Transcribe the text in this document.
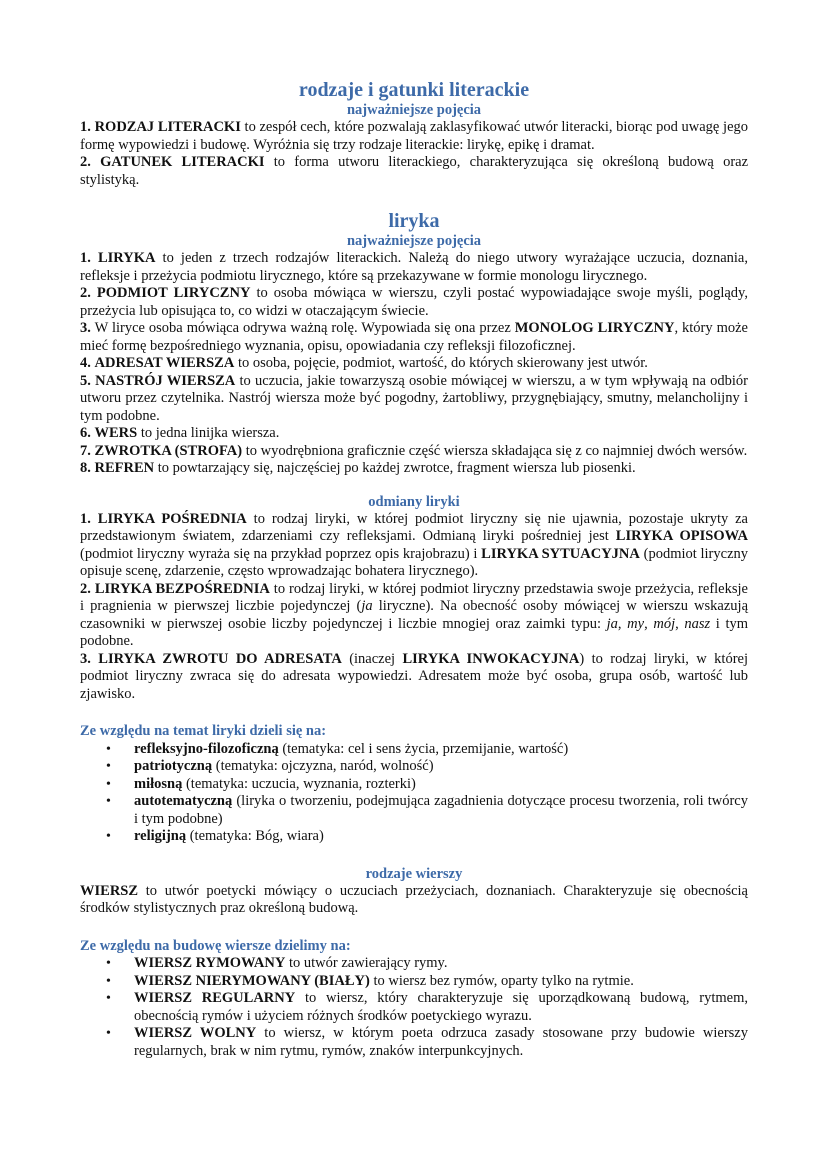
rodzaje i gatunki literackie
najważniejsze pojęcia

1. RODZAJ LITERACKI to zespół cech, które pozwalają zaklasyfikować utwór literacki, biorąc pod uwagę jego formę wypowiedzi i budowę. Wyróżnia się trzy rodzaje literackie: lirykę, epikę i dramat.

2. GATUNEK LITERACKI to forma utworu literackiego, charakteryzująca się określoną budową oraz stylistyką.

liryka
najważniejsze pojęcia

1. LIRYKA to jeden z trzech rodzajów literackich. Należą do niego utwory wyrażające uczucia, doznania, refleksje i przeżycia podmiotu lirycznego, które są przekazywane w formie monologu lirycznego.

2. PODMIOT LIRYCZNY to osoba mówiąca w wierszu, czyli postać wypowiadające swoje myśli, poglądy, przeżycia lub opisująca to, co widzi w otaczającym świecie.

3. W liryce osoba mówiąca odrywa ważną rolę. Wypowiada się ona przez MONOLOG LIRYCZNY, który może mieć formę bezpośredniego wyznania, opisu, opowiadania czy refleksji filozoficznej.

4. ADRESAT WIERSZA to osoba, pojęcie, podmiot, wartość, do których skierowany jest utwór.

5. NASTRÓJ WIERSZA to uczucia, jakie towarzyszą osobie mówiącej w wierszu, a w tym wpływają na odbiór utworu przez czytelnika. Nastrój wiersza może być pogodny, żartobliwy, przygnębiający, smutny, melancholijny i tym podobne.

6. WERS to jedna linijka wiersza.

7. ZWROTKA (STROFA) to wyodrębniona graficznie część wiersza składająca się z co najmniej dwóch wersów.

8. REFREN to powtarzający się, najczęściej po każdej zwrotce, fragment wiersza lub piosenki.

odmiany liryki

1. LIRYKA POŚREDNIA to rodzaj liryki, w której podmiot liryczny się nie ujawnia, pozostaje ukryty za przedstawionym światem, zdarzeniami czy refleksjami. Odmianą liryki pośredniej jest LIRYKA OPISOWA (podmiot liryczny wyraża się na przykład poprzez opis krajobrazu) i LIRYKA SYTUACYJNA (podmiot liryczny opisuje scenę, zdarzenie, często wprowadzając bohatera lirycznego).

2. LIRYKA BEZPOŚREDNIA to rodzaj liryki, w której podmiot liryczny przedstawia swoje przeżycia, refleksje i pragnienia w pierwszej liczbie pojedynczej (ja liryczne). Na obecność osoby mówiącej w wierszu wskazują czasowniki w pierwszej osobie liczby pojedynczej i liczbie mnogiej oraz zaimki typu: ja, my, mój, nasz i tym podobne.

3. LIRYKA ZWROTU DO ADRESATA (inaczej LIRYKA INWOKACYJNA) to rodzaj liryki, w której podmiot liryczny zwraca się do adresata wypowiedzi. Adresatem może być osoba, grupa osób, wartość lub zjawisko.

Ze względu na temat liryki dzieli się na:
• refleksyjno-filozoficzną (tematyka: cel i sens życia, przemijanie, wartość)
• patriotyczną (tematyka: ojczyzna, naród, wolność)
• miłosną (tematyka: uczucia, wyznania, rozterki)
• autotematyczną (liryka o tworzeniu, podejmująca zagadnienia dotyczące procesu tworzenia, roli twórcy i tym podobne)
• religijną (tematyka: Bóg, wiara)
rodzaje wierszy

WIERSZ to utwór poetycki mówiący o uczuciach przeżyciach, doznaniach. Charakteryzuje się obecnością środków stylistycznych praz określoną budową.

Ze względu na budowę wiersze dzielimy na:
• WIERSZ RYMOWANY to utwór zawierający rymy.
• WIERSZ NIERYMOWANY (BIAŁY) to wiersz bez rymów, oparty tylko na rytmie.
• WIERSZ REGULARNY to wiersz, który charakteryzuje się uporządkowaną budową, rytmem, obecnością rymów i użyciem różnych środków poetyckiego wyrazu.
• WIERSZ WOLNY to wiersz, w którym poeta odrzuca zasady stosowane przy budowie wierszy regularnych, brak w nim rytmu, rymów, znaków interpunkcyjnych.
